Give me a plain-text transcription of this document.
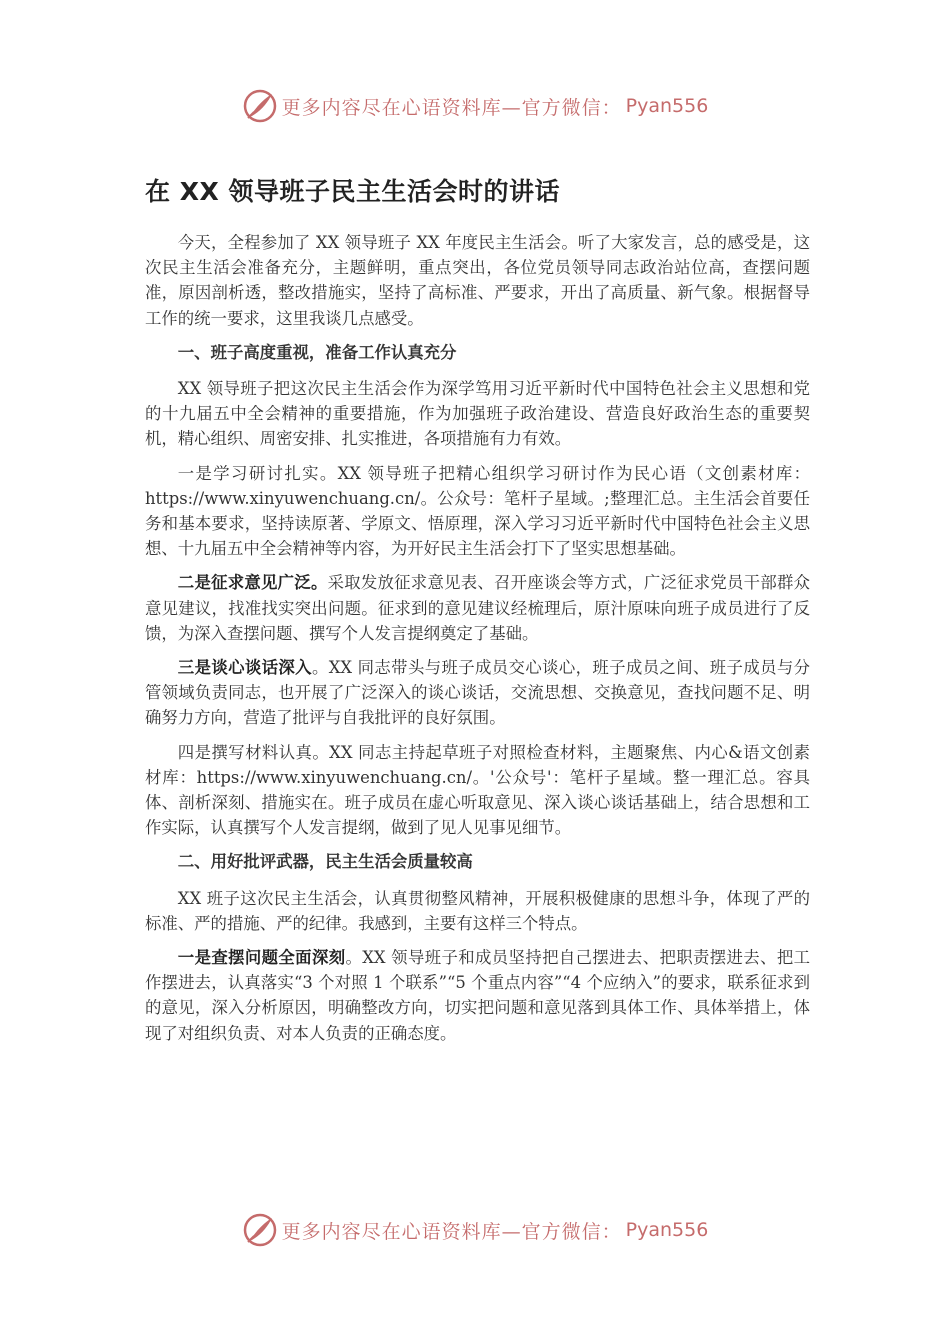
更多内容尽在心语资料库—官方微信： Pyan556
在 XX 领导班子民主生活会时的讲话

今天，全程参加了 XX 领导班子 XX 年度民主生活会。听了大家发言，总的感受是，这次民主生活会准备充分，主题鲜明，重点突出，各位党员领导同志政治站位高，查摆问题准，原因剖析透，整改措施实，坚持了高标准、严要求，开出了高质量、新气象。根据督导工作的统一要求，这里我谈几点感受。

一、班子高度重视，准备工作认真充分

XX 领导班子把这次民主生活会作为深学笃用习近平新时代中国特色社会主义思想和党的十九届五中全会精神的重要措施，作为加强班子政治建设、营造良好政治生态的重要契机，精心组织、周密安排、扎实推进，各项措施有力有效。

一是学习研讨扎实。XX 领导班子把精心组织学习研讨作为民心语（文创素材库：https://www.xinyuwenchuang.cn/。公众号：笔杆子星域。;整理汇总。主生活会首要任务和基本要求，坚持读原著、学原文、悟原理，深入学习习近平新时代中国特色社会主义思想、十九届五中全会精神等内容，为开好民主生活会打下了坚实思想基础。

二是征求意见广泛。采取发放征求意见表、召开座谈会等方式，广泛征求党员干部群众意见建议，找准找实突出问题。征求到的意见建议经梳理后，原汁原味向班子成员进行了反馈，为深入查摆问题、撰写个人发言提纲奠定了基础。

三是谈心谈话深入。XX 同志带头与班子成员交心谈心，班子成员之间、班子成员与分管领域负责同志，也开展了广泛深入的谈心谈话，交流思想、交换意见，查找问题不足、明确努力方向，营造了批评与自我批评的良好氛围。

四是撰写材料认真。XX 同志主持起草班子对照检查材料，主题聚焦、内心&语文创素材库：https://www.xinyuwenchuang.cn/。'公众号'：笔杆子星域。整一理汇总。容具体、剖析深刻、措施实在。班子成员在虚心听取意见、深入谈心谈话基础上，结合思想和工作实际，认真撰写个人发言提纲，做到了见人见事见细节。

二、用好批评武器，民主生活会质量较高

XX 班子这次民主生活会，认真贯彻整风精神，开展积极健康的思想斗争，体现了严的标准、严的措施、严的纪律。我感到，主要有这样三个特点。

一是查摆问题全面深刻。XX 领导班子和成员坚持把自己摆进去、把职责摆进去、把工作摆进去，认真落实“3 个对照 1 个联系”“5 个重点内容”“4 个应纳入”的要求，联系征求到的意见，深入分析原因，明确整改方向，切实把问题和意见落到具体工作、具体举措上，体现了对组织负责、对本人负责的正确态度。

更多内容尽在心语资料库—官方微信： Pyan556
